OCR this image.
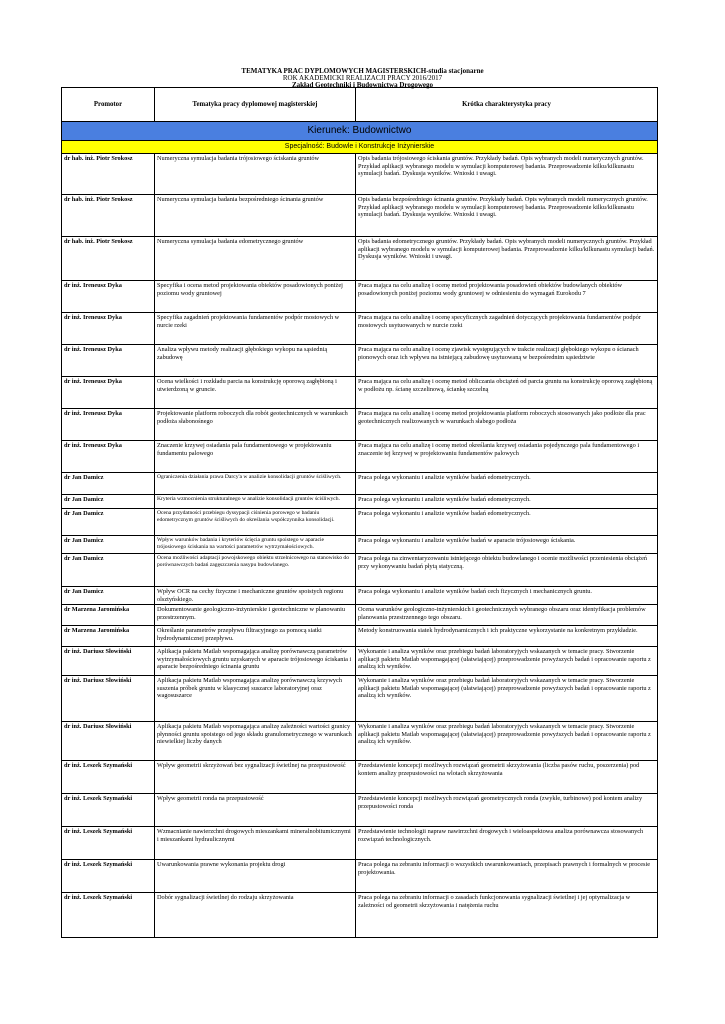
TEMATYKA PRAC DYPLOMOWYCH MAGISTERSKICH-studia stacjonarne
ROK AKADEMICKI REALIZACJI PRACY 2016/2017
Zakład Geotechniki i Budownictwa Drogowego
Promotor	Tematyka pracy dyplomowej magisterskiej	Krótka charakterystyka pracy
Kierunek: Budownictwo		
Specjalność: Budowle i Konstrukcje Inżynierskie		
dr hab. inż. Piotr Srokosz	Numeryczna symulacja badania trójosiowego ściskania gruntów	Opis badania trójosiowego ściskania gruntów. Przykłady badań. Opis wybranych modeli numerycznych gruntów. Przykład aplikacji wybranego modelu w symulacji komputerowej badania. Przeprowadzenie kilku/kilkunastu symulacji badań. Dyskusja wyników. Wnioski i uwagi.
dr hab. inż. Piotr Srokosz	Numeryczna symulacja badania bezpośredniego ścinania gruntów	Opis badania bezpośredniego ścinania gruntów. Przykłady badań. Opis wybranych modeli numerycznych gruntów. Przykład aplikacji wybranego modelu w symulacji komputerowej badania. Przeprowadzenie kilku/kilkunastu symulacji badań. Dyskusja wyników. Wnioski i uwagi.
dr hab. inż. Piotr Srokosz	Numeryczna symulacja badania edometrycznego gruntów	Opis badania edometrycznego gruntów. Przykłady badań. Opis wybranych modeli numerycznych gruntów. Przykład aplikacji wybranego modelu w symulacji komputerowej badania. Przeprowadzenie kilku/kilkunastu symulacji badań. Dyskusja wyników. Wnioski i uwagi.
dr inż. Ireneusz Dyka	Specyfika i ocena metod projektowania obiektów posadowionych poniżej poziomu wody gruntowej	Praca mająca na celu analizę i ocenę metod projektowania posadowień obiektów budowlanych obiektów posadowionych poniżej poziomu wody gruntowej w odniesieniu do wymagań Eurokodu 7
dr inż. Ireneusz Dyka	Specyfika zagadnień projektowania fundamentów podpór mostowych w nurcie rzeki	Praca mająca na celu analizę i ocenę specyficznych zagadnień dotyczących projektowania fundamentów podpór mostowych usytuowanych w nurcie rzeki
dr inż. Ireneusz Dyka	Analiza wpływu metody realizacji głębokiego wykopu na sąsiednią zabudowę	Praca mająca na celu analizę i ocenę zjawisk występujących w trakcie realizacji głębokiego wykopu o ścianach pionowych oraz ich wpływu na istniejącą zabudowę usytuowaną w bezpośrednim sąsiedztwie
dr inż. Ireneusz Dyka	Ocena wielkości i rozkładu parcia na konstrukcję oporową zagłębioną i utwierdzoną w gruncie.	Praca mająca na celu analizę i ocenę metod obliczania obciążeń od parcia gruntu na konstrukcję oporową zagłębioną w podłożu np. ścianę szczelinową, ściankę szczelną
dr inż. Ireneusz Dyka	Projektowanie platform roboczych dla robót geotechnicznych w warunkach podłoża słabonośnego	Praca mająca na celu analizę i ocenę metod projektowania platform roboczych stosowanych jako podłoże dla prac geotechnicznych realizowanych w warunkach słabego podłoża
dr inż. Ireneusz Dyka	Znaczenie krzywej osiadania pala fundamentowego w projektowaniu fundamentu palowego	Praca mająca na celu analizę i ocenę metod określania krzywej osiadania pojedynczego pala fundamentowego i znaczenie tej krzywej w projektowaniu fundamentów palowych
dr Jan Damicz	Ograniczenia działania prawa Darcy'a w analizie konsolidacji gruntów ściśliwych.	Praca polega wykonaniu i analizie wyników badań edometrycznych.
dr Jan Damicz	Kryteria wzmocnienia strukturalnego w analizie konsolidacji gruntów ściśliwych.	Praca polega wykonaniu i analizie wyników badań edometrycznych.
dr Jan Damicz	Ocena przydatności przebiegu dyssypacji ciśnienia porowego w badaniu edometrycznym gruntów ściśliwych do określania współczynnika konsolidacji.	Praca polega wykonaniu i analizie wyników badań edometrycznych.
dr Jan Damicz	Wpływ warunków badania i kryteriów ścięcia gruntu spoistego w aparacie trójosiowego ściskania na wartości parametrów wytrzymałościowych.	Praca polega wykonaniu i analizie wyników badań w aparacie trójosiowego ściskania.
dr Jan Damicz	Ocena możliwości adaptacji powojskowego obiektu strzelnicowego na stanowisko do porównawczych badań zagęszczenia nasypu budowlanego.	Praca polega na zinwentaryzowaniu istniejącego obiektu budowlanego i ocenie możliwości przeniesienia obciążeń przy wykonywaniu badań płytą statyczną.
dr Jan Damicz	Wpływ OCR na cechy fizyczne i mechaniczne gruntów spoistych regionu olsztyńskiego.	Praca polega wykonaniu i analizie wyników badań cech fizycznych i mechanicznych gruntu.
dr Marzena Jaromińska	Dokumentowanie geologiczno-inżynierskie i geotechniczne w planowaniu przestrzennym.	Ocena warunków geologiczno-inżynierskich i geotechnicznych wybranego obszaru oraz identyfikacja problemów planowania przestrzennego tego obszaru.
dr Marzena Jaromińska	Określanie parametrów przepływu filtracyjnego za pomocą siatki hydrodynamicznej przepływu.	Metody konstruowania siatek hydrodynamicznych i ich praktyczne wykorzystanie na konkretnym przykładzie.
dr inż. Dariusz Słowiński	Aplikacja pakietu Matlab wspomagająca analizę porównawczą parametrów wytrzymałościowych gruntu uzyskanych w aparacie trójosiowego ściskania i aparacie bezpośredniego ścinania gruntu	Wykonanie i analiza wyników oraz przebiegu badań laboratoryjych wskazanych w temacie pracy. Stworzenie aplikacji pakietu Matlab wspomagającej (ułatwiającej) przeprowadzenie powyższych badań i opracowanie raportu z analizą ich wyników.
dr inż. Dariusz Słowiński	Aplikacja pakietu Matlab wspomagająca analizę porównawczą krzywych suszenia próbek gruntu w klasycznej suszarce laboratoryjnej oraz wagosuszarce	Wykonanie i analiza wyników oraz przebiegu badań laboratoryjych wskazanych w temacie pracy. Stworzenie aplikacji pakietu Matlab wspomagającej (ułatwiającej) przeprowadzenie powyższych badań i opracowanie raportu z analizą ich wyników.
dr inż. Dariusz Słowiński	Aplikacja pakietu Matlab wspomagająca analizę zależności wartości granicy płynności gruntu spoistego od jego składu granulometrycznego w warunkach niewielkiej liczby danych	Wykonanie i analiza wyników oraz przebiegu badań laboratoryjych wskazanych w temacie pracy. Stworzenie aplikacji pakietu Matlab wspomagającej (ułatwiającej) przeprowadzenie powyższych badań i opracowanie raportu z analizą ich wyników.
dr inż. Leszek Szymański	Wpływ geometrii skrzyżowań bez sygnalizacji świetlnej na przepustowość	Przedstawienie koncepcji możliwych rozwiązań geometrii skrzyżowania (liczba pasów ruchu, poszerzenia) pod kontem analizy przepustowości na wlotach skrzyżowania
dr inż. Leszek Szymański	Wpływ geometrii ronda na przepustowość	Przedstawienie koncepcji możliwych rozwiązań geometrycznych ronda (zwykłe, turbinowe) pod kontem analizy przepustowości ronda
dr inż. Leszek Szymański	Wzmacnianie nawierzchni drogowych mieszankami mineralnobitumicznymi i mieszankami hydraulicznymi	Przedstawienie technologii napraw nawirrzchni drogowych i wieloaspektowa analiza porównawcza stosowanych rozwiązań technologicznych.
dr inż. Leszek Szymański	Uwarunkowania prawne wykonania projektu drogi	Praca polega na zebraniu informacji o wszystkich uwarunkowaniach, przepisach prawnych i formalnych w procesie projektowania.
dr inż. Leszek Szymański	Dobór sygnalizacji świetlnej do rodzaju skrzyżowania	Praca polega na zebraniu informacji o zasadach funkcjonowania sygnalizacji świetlnej i jej optymalizacja w zależności od geometrii skrzyżowania i natężenia ruchu
